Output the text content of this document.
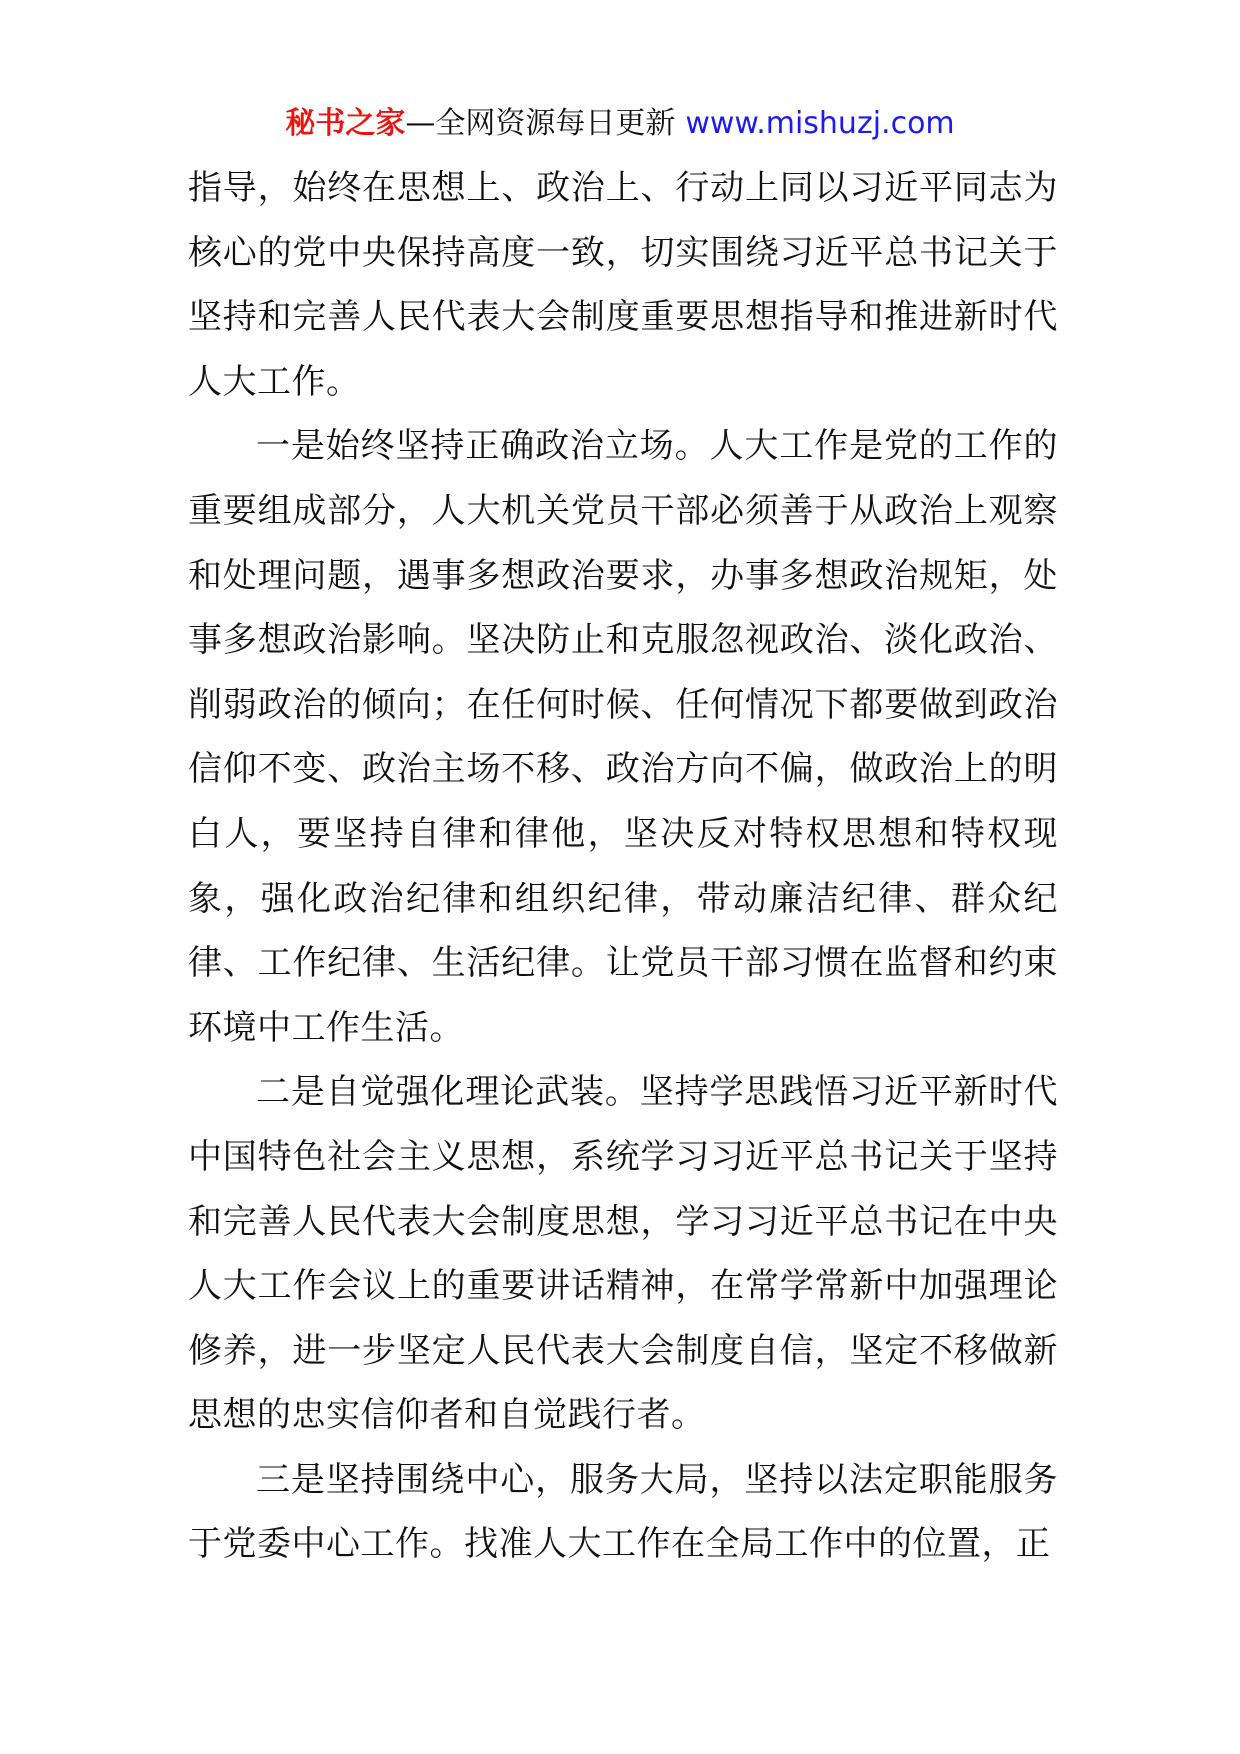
秘书之家—全网资源每日更新 www.mishuzj.com

指导，始终在思想上、政治上、行动上同以习近平同志为核心的党中央保持高度一致，切实围绕习近平总书记关于坚持和完善人民代表大会制度重要思想指导和推进新时代人大工作。

一是始终坚持正确政治立场。人大工作是党的工作的重要组成部分，人大机关党员干部必须善于从政治上观察和处理问题，遇事多想政治要求，办事多想政治规矩，处事多想政治影响。坚决防止和克服忽视政治、淡化政治、削弱政治的倾向；在任何时候、任何情况下都要做到政治信仰不变、政治主场不移、政治方向不偏，做政治上的明白人，要坚持自律和律他，坚决反对特权思想和特权现象，强化政治纪律和组织纪律，带动廉洁纪律、群众纪律、工作纪律、生活纪律。让党员干部习惯在监督和约束环境中工作生活。

二是自觉强化理论武装。坚持学思践悟习近平新时代中国特色社会主义思想，系统学习习近平总书记关于坚持和完善人民代表大会制度思想，学习习近平总书记在中央人大工作会议上的重要讲话精神，在常学常新中加强理论修养，进一步坚定人民代表大会制度自信，坚定不移做新思想的忠实信仰者和自觉践行者。

三是坚持围绕中心，服务大局，坚持以法定职能服务于党委中心工作。找准人大工作在全局工作中的位置，正
